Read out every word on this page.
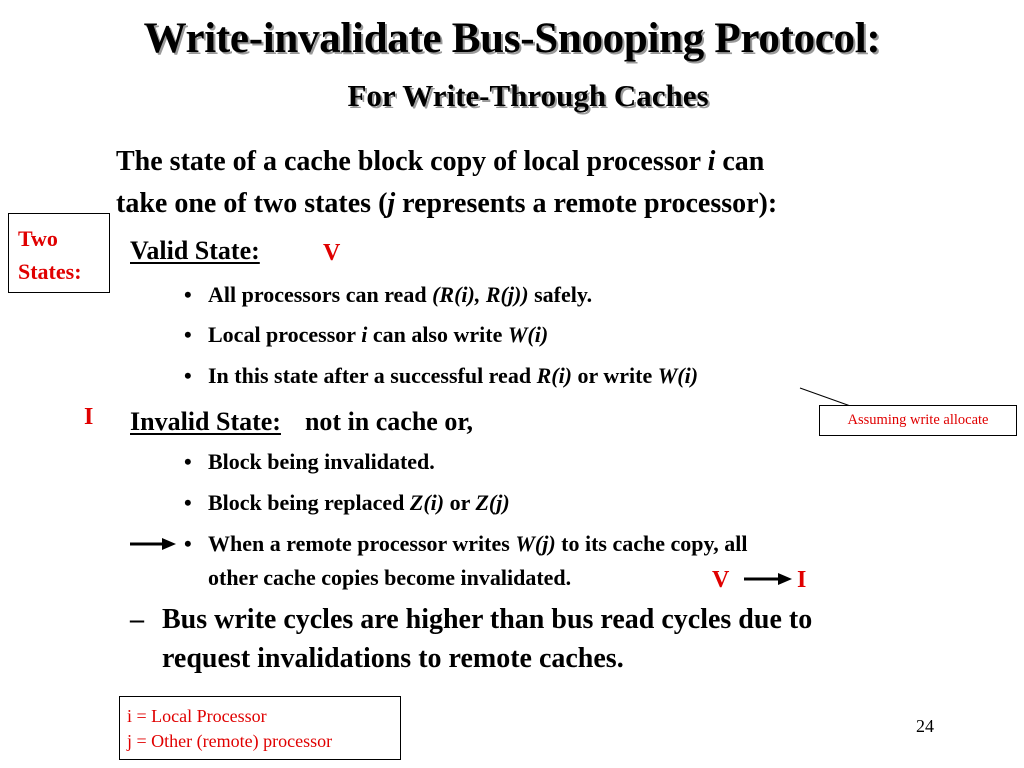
Write-invalidate Bus-Snooping Protocol:
For Write-Through Caches
The state of a cache block copy of local processor i can
take one of two states (j represents a remote processor):
Two
States:
Valid State:	V
• All processors can read (R(i), R(j)) safely.
• Local processor i can also write W(i)
• In this state after a successful read R(i) or write W(i)
Assuming write allocate
I Invalid State: not in cache or,
• Block being invalidated.
• Block being replaced Z(i) or Z(j)
• When a remote processor writes W(j) to its cache copy, all
other cache copies become invalidated.	V	I
– Bus write cycles are higher than bus read cycles due to
request invalidations to remote caches.
i = Local Processor
j = Other (remote) processor
24
